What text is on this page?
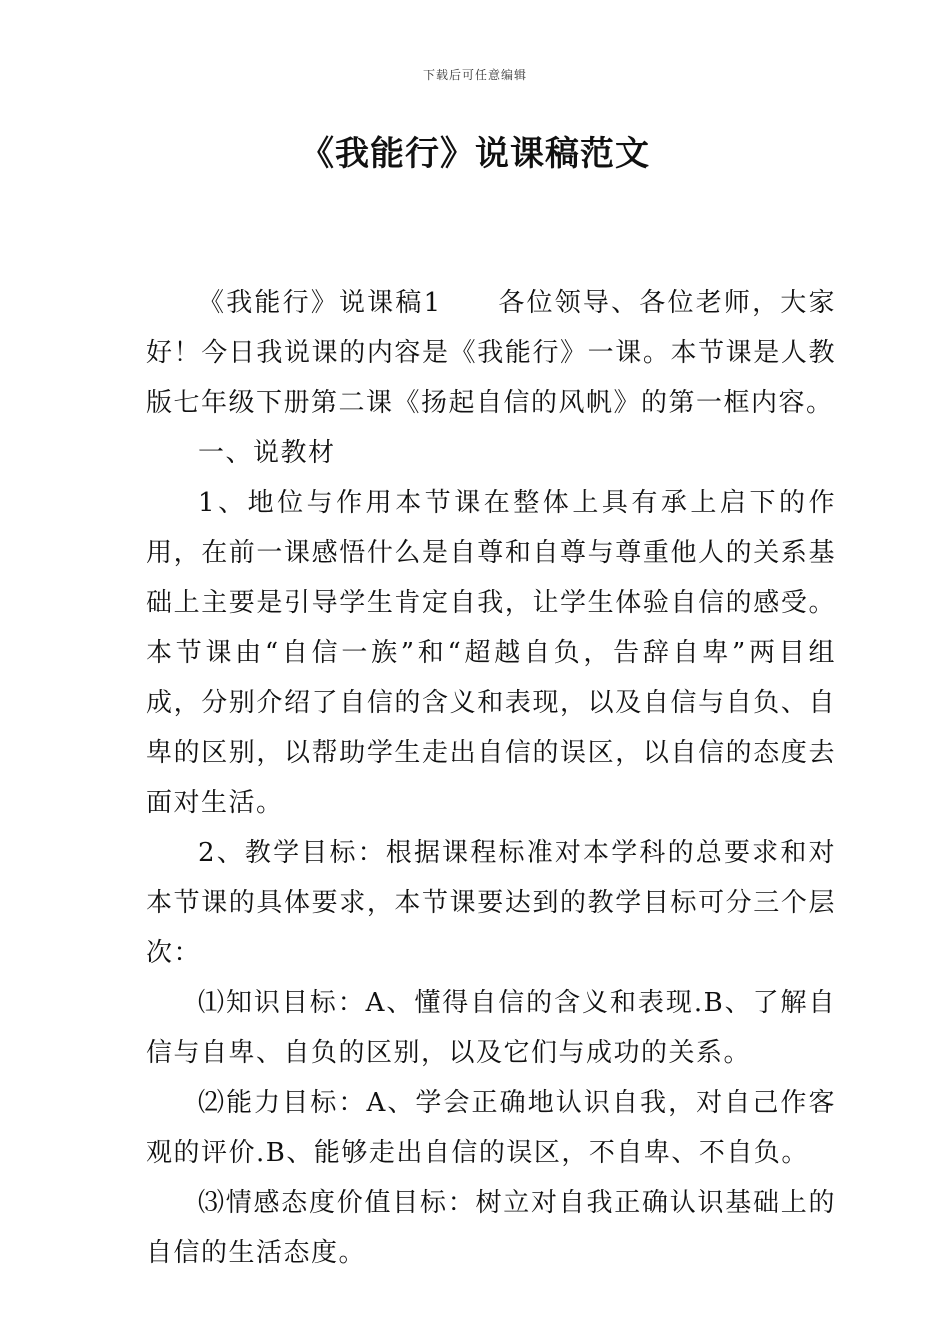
下载后可任意编辑
《我能行》说课稿范文

《我能行》说课稿1 各位领导、各位老师，大家好！今日我说课的内容是《我能行》一课。本节课是人教版七年级下册第二课《扬起自信的风帆》的第一框内容。

一、说教材

1、地位与作用本节课在整体上具有承上启下的作用，在前一课感悟什么是自尊和自尊与尊重他人的关系基础上主要是引导学生肯定自我，让学生体验自信的感受。本节课由“自信一族”和“超越自负，告辞自卑”两目组成，分别介绍了自信的含义和表现，以及自信与自负、自卑的区别，以帮助学生走出自信的误区，以自信的态度去面对生活。

2、教学目标：根据课程标准对本学科的总要求和对本节课的具体要求，本节课要达到的教学目标可分三个层次：

⑴知识目标：A、懂得自信的含义和表现.B、了解自信与自卑、自负的区别，以及它们与成功的关系。

⑵能力目标：A、学会正确地认识自我，对自己作客观的评价.B、能够走出自信的误区，不自卑、不自负。

⑶情感态度价值目标：树立对自我正确认识基础上的自信的生活态度。
